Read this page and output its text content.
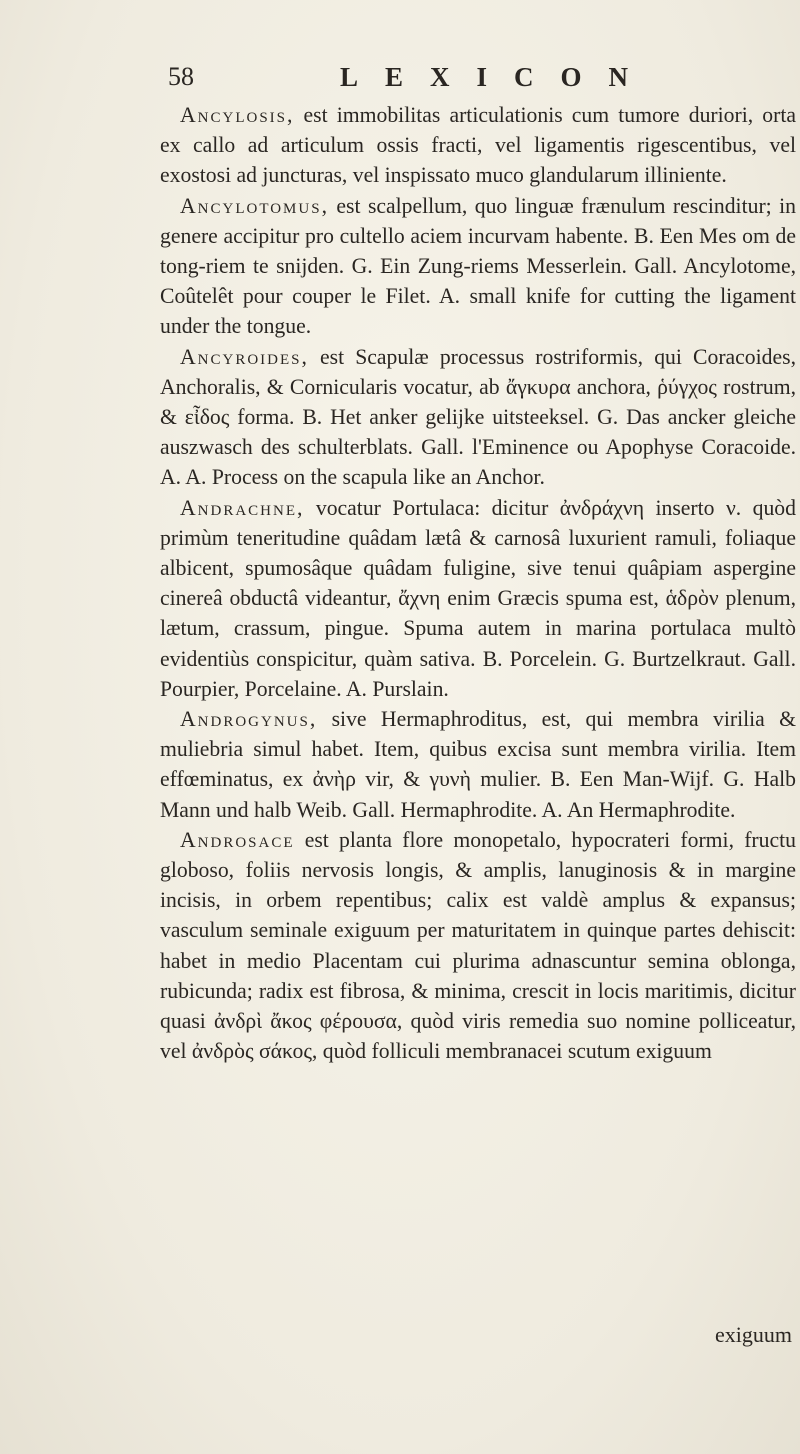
58	LEXICON

Ancylosis, est immobilitas articulationis cum tumore duriori, orta ex callo ad articulum ossis fracti, vel ligamentis rigescentibus, vel exostosi ad juncturas, vel inspissato muco glandularum illiniente.

Ancylotomus, est scalpellum, quo linguæ frænulum rescinditur; in genere accipitur pro cultello aciem incurvam habente. B. Een Mes om de tong-riem te snijden. G. Ein Zung-riems Messerlein. Gall. Ancylotome, Coûtelêt pour couper le Filet. A. small knife for cutting the ligament under the tongue.

Ancyroides, est Scapulæ processus rostriformis, qui Coracoides, Anchoralis, & Cornicularis vocatur, ab ἄγκυρα anchora, ῥύγχος rostrum, & εἶδος forma. B. Het anker gelijke uitsteeksel. G. Das ancker gleiche auszwasch des schulterblats. Gall. l'Eminence ou Apophyse Coracoide. A. A. Process on the scapula like an Anchor.

Andrachne, vocatur Portulaca: dicitur ἀνδράχνη inserto ν. quòd primùm teneritudine quâdam lætâ & carnosâ luxurient ramuli, foliaque albicent, spumosâque quâdam fuligine, sive tenui quâpiam aspergine cinereâ obductâ videantur, ἄχνη enim Græcis spuma est, ἁδρὸν plenum, lætum, crassum, pingue. Spuma autem in marina portulaca multò evidentiùs conspicitur, quàm sativa. B. Porcelein. G. Burtzelkraut. Gall. Pourpier, Porcelaine. A. Purslain.

Androgynus, sive Hermaphroditus, est, qui membra virilia & muliebria simul habet. Item, quibus excisa sunt membra virilia. Item effœminatus, ex ἀνὴρ vir, & γυνὴ mulier. B. Een Man-Wijf. G. Halb Mann und halb Weib. Gall. Hermaphrodite. A. An Hermaphrodite.

Androsace est planta flore monopetalo, hypocrateri formi, fructu globoso, foliis nervosis longis, & amplis, lanuginosis & in margine incisis, in orbem repentibus; calix est valdè amplus & expansus; vasculum seminale exiguum per maturitatem in quinque partes dehiscit: habet in medio Placentam cui plurima adnascuntur semina oblonga, rubicunda; radix est fibrosa, & minima, crescit in locis maritimis, dicitur quasi ἀνδρὶ ἄκος φέρουσα, quòd viris remedia suo nomine polliceatur, vel ἀνδρὸς σάκος, quòd folliculi membranacei scutum exiguum

exiguum
